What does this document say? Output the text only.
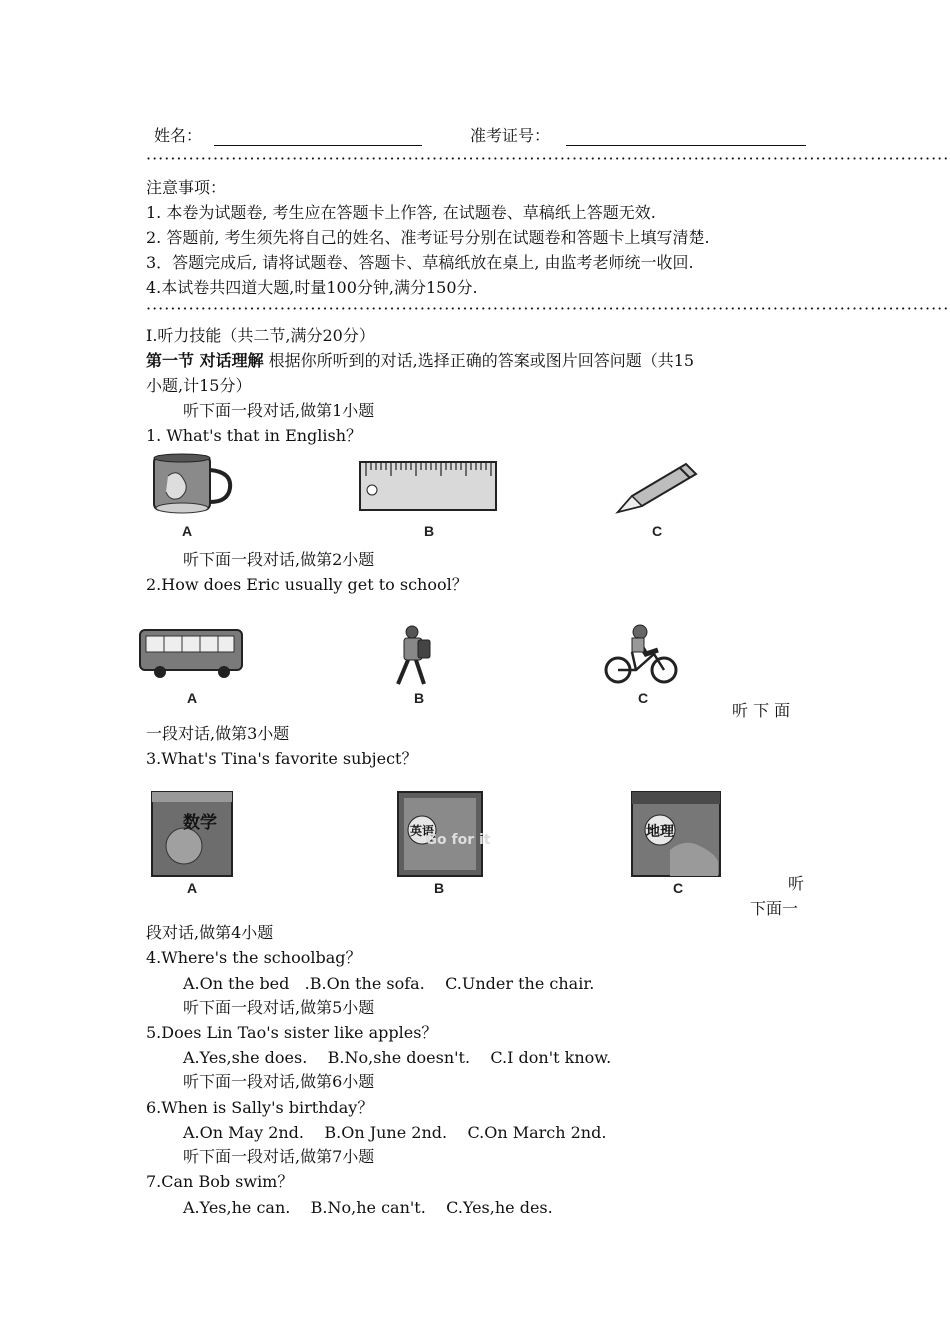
姓名：	准考证号：
····································································································································
注意事项：
1. 本卷为试题卷, 考生应在答题卡上作答, 在试题卷、草稿纸上答题无效.
2. 答题前, 考生须先将自己的姓名、准考证号分别在试题卷和答题卡上填写清楚.
3．答题完成后, 请将试题卷、答题卡、草稿纸放在桌上, 由监考老师统一收回.
4.本试卷共四道大题,时量100分钟,满分150分.
····································································································································
I.听力技能（共二节,满分20分）
第一节 对话理解 根据你所听到的对话,选择正确的答案或图片回答问题（共15
小题,计15分）
听下面一段对话,做第1小题
1. What's that in English？
A	B	C
听下面一段对话,做第2小题
2.How does Eric usually get to school？
A	B	C
听 下 面
一段对话,做第3小题
3.What's Tina's favorite subject？
数学	英语
Go for it	地理
A	B	C	听
下面一
段对话,做第4小题
4.Where's the schoolbag？
A.On the bed   .B.On the sofa.    C.Under the chair.
听下面一段对话,做第5小题
5.Does Lin Tao's sister like apples？
A.Yes,she does.    B.No,she doesn't.    C.I don't know.
听下面一段对话,做第6小题
6.When is Sally's birthday？
A.On May 2nd.    B.On June 2nd.    C.On March 2nd.
听下面一段对话,做第7小题
7.Can Bob swim？
A.Yes,he can.    B.No,he can't.    C.Yes,he des.
